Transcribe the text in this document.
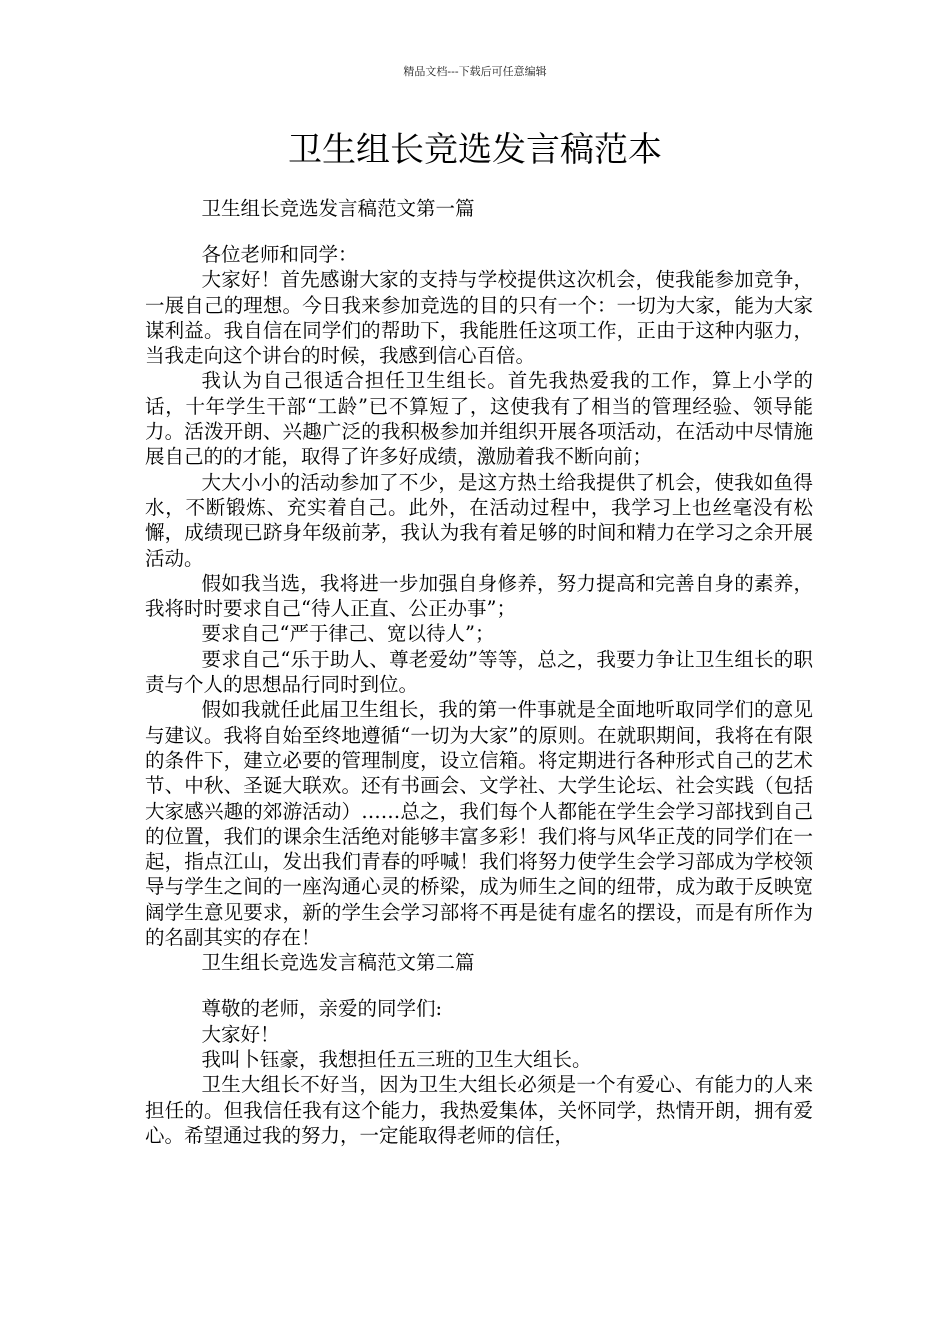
精品文档---下载后可任意编辑
卫生组长竞选发言稿范本
卫生组长竞选发言稿范文第一篇

各位老师和同学：

大家好！首先感谢大家的支持与学校提供这次机会，使我能参加竞争，一展自己的理想。今日我来参加竞选的目的只有一个：一切为大家，能为大家谋利益。我自信在同学们的帮助下，我能胜任这项工作，正由于这种内驱力，当我走向这个讲台的时候，我感到信心百倍。

我认为自己很适合担任卫生组长。首先我热爱我的工作，算上小学的话，十年学生干部“工龄”已不算短了，这使我有了相当的管理经验、领导能力。活泼开朗、兴趣广泛的我积极参加并组织开展各项活动，在活动中尽情施展自己的的才能，取得了许多好成绩，激励着我不断向前；

大大小小的活动参加了不少，是这方热土给我提供了机会，使我如鱼得水，不断锻炼、充实着自己。此外，在活动过程中，我学习上也丝毫没有松懈，成绩现已跻身年级前茅，我认为我有着足够的时间和精力在学习之余开展活动。

假如我当选，我将进一步加强自身修养，努力提高和完善自身的素养，我将时时要求自己“待人正直、公正办事”；

要求自己“严于律己、宽以待人”；

要求自己“乐于助人、尊老爱幼”等等，总之，我要力争让卫生组长的职责与个人的思想品行同时到位。

假如我就任此届卫生组长，我的第一件事就是全面地听取同学们的意见与建议。我将自始至终地遵循“一切为大家”的原则。在就职期间，我将在有限的条件下，建立必要的管理制度，设立信箱。将定期进行各种形式自己的艺术节、中秋、圣诞大联欢。还有书画会、文学社、大学生论坛、社会实践（包括大家感兴趣的郊游活动）……总之，我们每个人都能在学生会学习部找到自己的位置，我们的课余生活绝对能够丰富多彩！我们将与风华正茂的同学们在一起，指点江山，发出我们青春的呼喊！我们将努力使学生会学习部成为学校领导与学生之间的一座沟通心灵的桥梁，成为师生之间的纽带，成为敢于反映宽阔学生意见要求，新的学生会学习部将不再是徒有虚名的摆设，而是有所作为的名副其实的存在！

卫生组长竞选发言稿范文第二篇

尊敬的老师，亲爱的同学们:

大家好！

我叫卜钰豪，我想担任五三班的卫生大组长。

卫生大组长不好当，因为卫生大组长必须是一个有爱心、有能力的人来担任的。但我信任我有这个能力，我热爱集体，关怀同学，热情开朗，拥有爱心。希望通过我的努力，一定能取得老师的信任，
